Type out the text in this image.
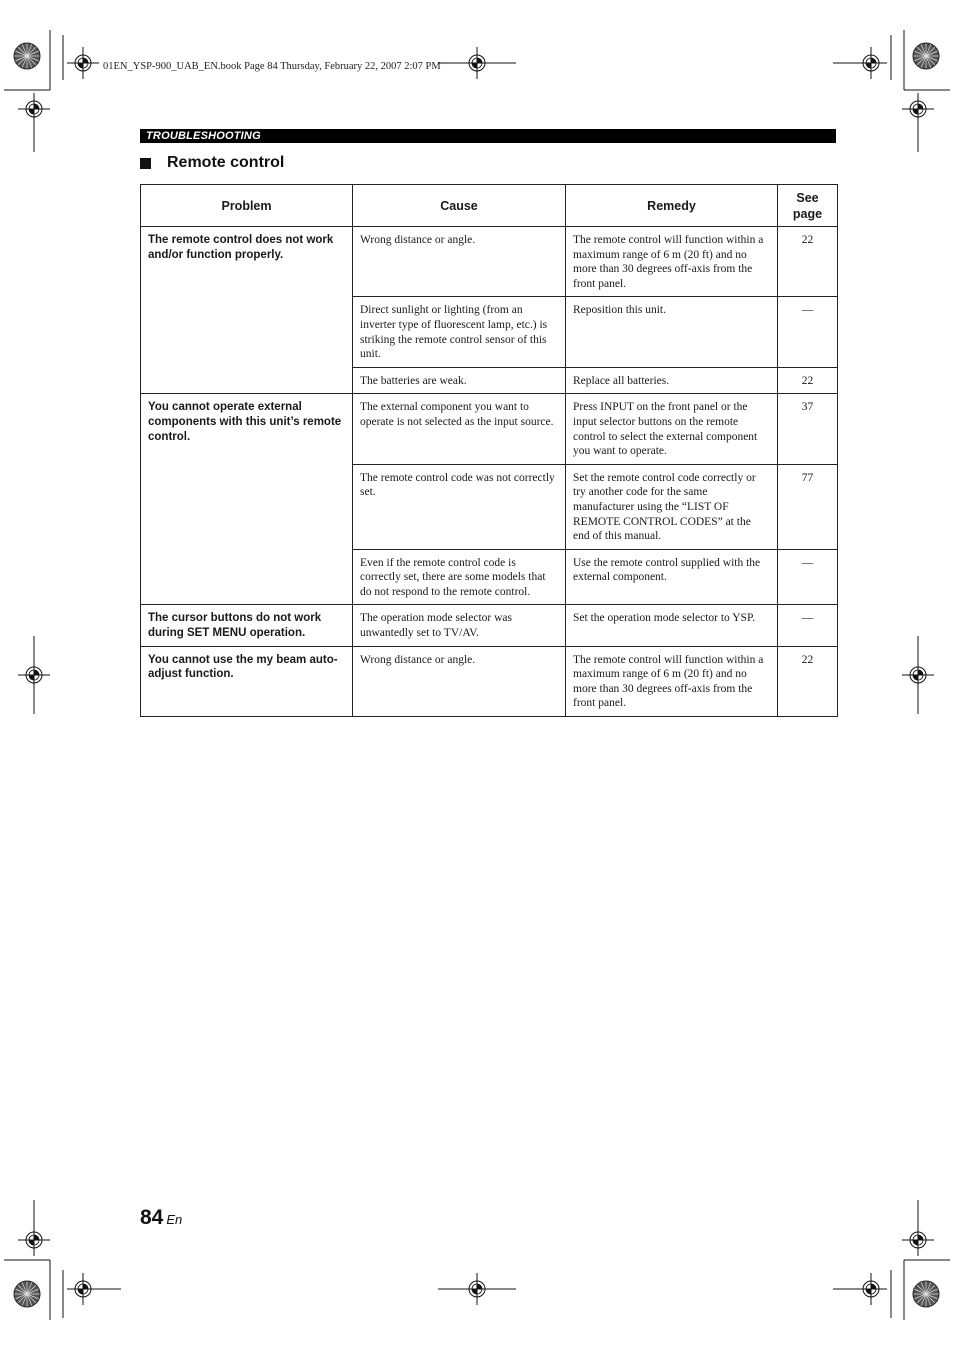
01EN_YSP-900_UAB_EN.book Page 84 Thursday, February 22, 2007 2:07 PM
TROUBLESHOOTING
Remote control
Problem	Cause	Remedy	See page
The remote control does not work and/or function properly.	Wrong distance or angle.	The remote control will function within a maximum range of 6 m (20 ft) and no more than 30 degrees off-axis from the front panel.	22
	Direct sunlight or lighting (from an inverter type of fluorescent lamp, etc.) is striking the remote control sensor of this unit.	Reposition this unit.	—
	The batteries are weak.	Replace all batteries.	22
You cannot operate external components with this unit’s remote control.	The external component you want to operate is not selected as the input source.	Press INPUT on the front panel or the input selector buttons on the remote control to select the external component you want to operate.	37
	The remote control code was not correctly set.	Set the remote control code correctly or try another code for the same manufacturer using the “LIST OF REMOTE CONTROL CODES” at the end of this manual.	77
	Even if the remote control code is correctly set, there are some models that do not respond to the remote control.	Use the remote control supplied with the external component.	—
The cursor buttons do not work during SET MENU operation.	The operation mode selector was unwantedly set to TV/AV.	Set the operation mode selector to YSP.	—
You cannot use the my beam auto-adjust function.	Wrong distance or angle.	The remote control will function within a maximum range of 6 m (20 ft) and no more than 30 degrees off-axis from the front panel.	22
84 En
